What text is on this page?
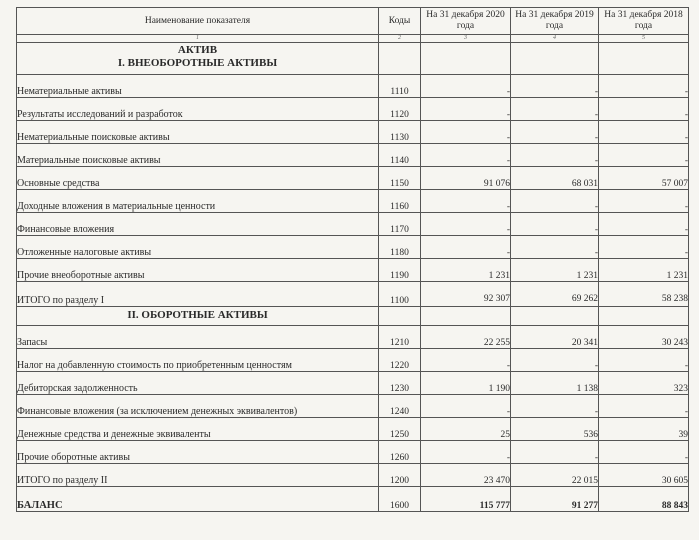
Наименование показателя	Коды	На 31 декабря 2020 года	На 31 декабря 2019 года	На 31 декабря 2018 года
1	2	3	4	5

АКТИВ
I. ВНЕОБОРОТНЫЕ АКТИВЫ				

Нематериальные активы	1110	-	-	-
Результаты исследований и разработок	1120	-	-	-
Нематериальные поисковые активы	1130	-	-	-
Материальные поисковые активы	1140	-	-	-
Основные средства	1150	91 076	68 031	57 007
Доходные вложения в материальные ценности	1160	-	-	-
Финансовые вложения	1170	-	-	-
Отложенные налоговые активы	1180	-	-	-
Прочие внеоборотные активы	1190	1 231	1 231	1 231
ИТОГО по разделу I	1100	92 307	69 262	58 238
II. ОБОРОТНЫЕ АКТИВЫ				
Запасы	1210	22 255	20 341	30 243
Налог на добавленную стоимость по приобретенным ценностям	1220	-	-	-
Дебиторская задолженность	1230	1 190	1 138	323
Финансовые вложения (за исключением денежных эквивалентов)	1240	-	-	-
Денежные средства и денежные эквиваленты	1250	25	536	39
Прочие оборотные активы	1260	-	-	-
ИТОГО по разделу II	1200	23 470	22 015	30 605
БАЛАНС	1600	115 777	91 277	88 843
